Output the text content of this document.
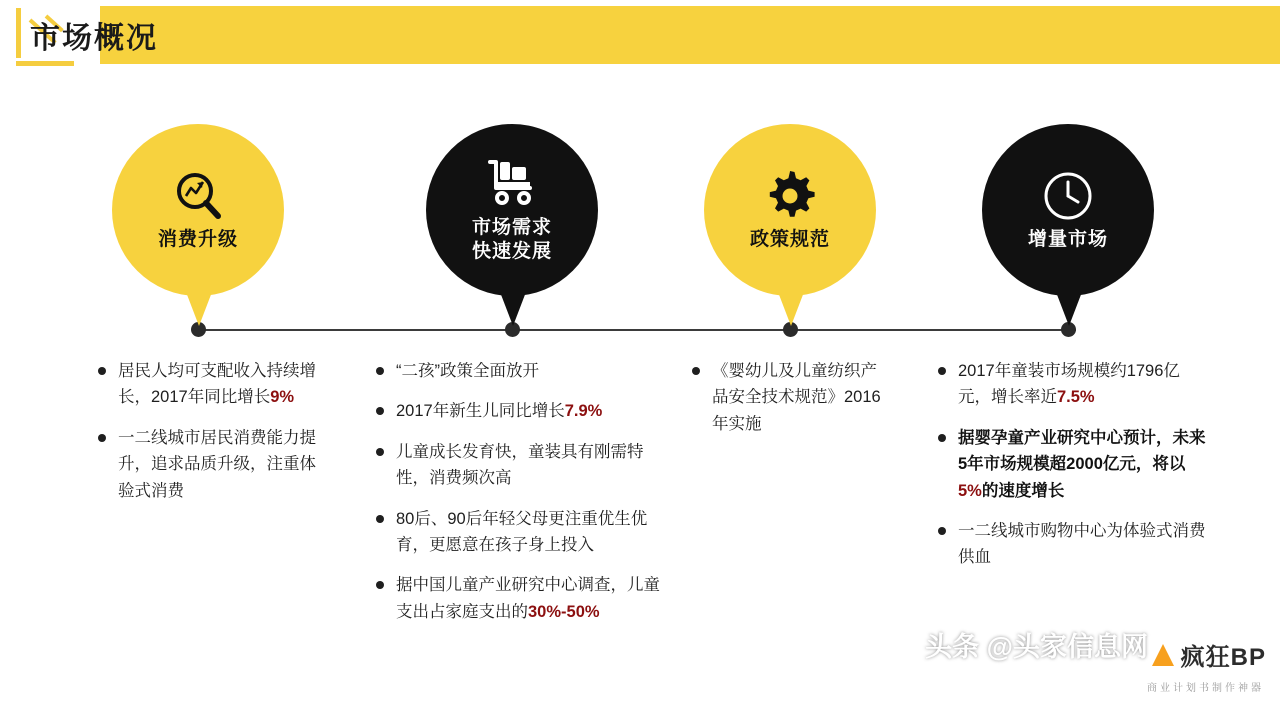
市场概况
消费升级
市场需求
快速发展
政策规范	增量市场
居民人均可支配收入持续增长，2017年同比增长9%
一二线城市居民消费能力提升，追求品质升级，注重体验式消费
“二孩”政策全面放开
2017年新生儿同比增长7.9%
儿童成长发育快，童装具有刚需特性，消费频次高
80后、90后年轻父母更注重优生优育，更愿意在孩子身上投入
据中国儿童产业研究中心调查，儿童支出占家庭支出的30%-50%
《婴幼儿及儿童纺织产品安全技术规范》2016年实施
2017年童装市场规模约1796亿元，增长率近7.5%
据婴孕童产业研究中心预计，未来5年市场规模超2000亿元，将以5%的速度增长
一二线城市购物中心为体验式消费供血
头条 @头家信息网 疯狂BP
商业计划书制作神器
